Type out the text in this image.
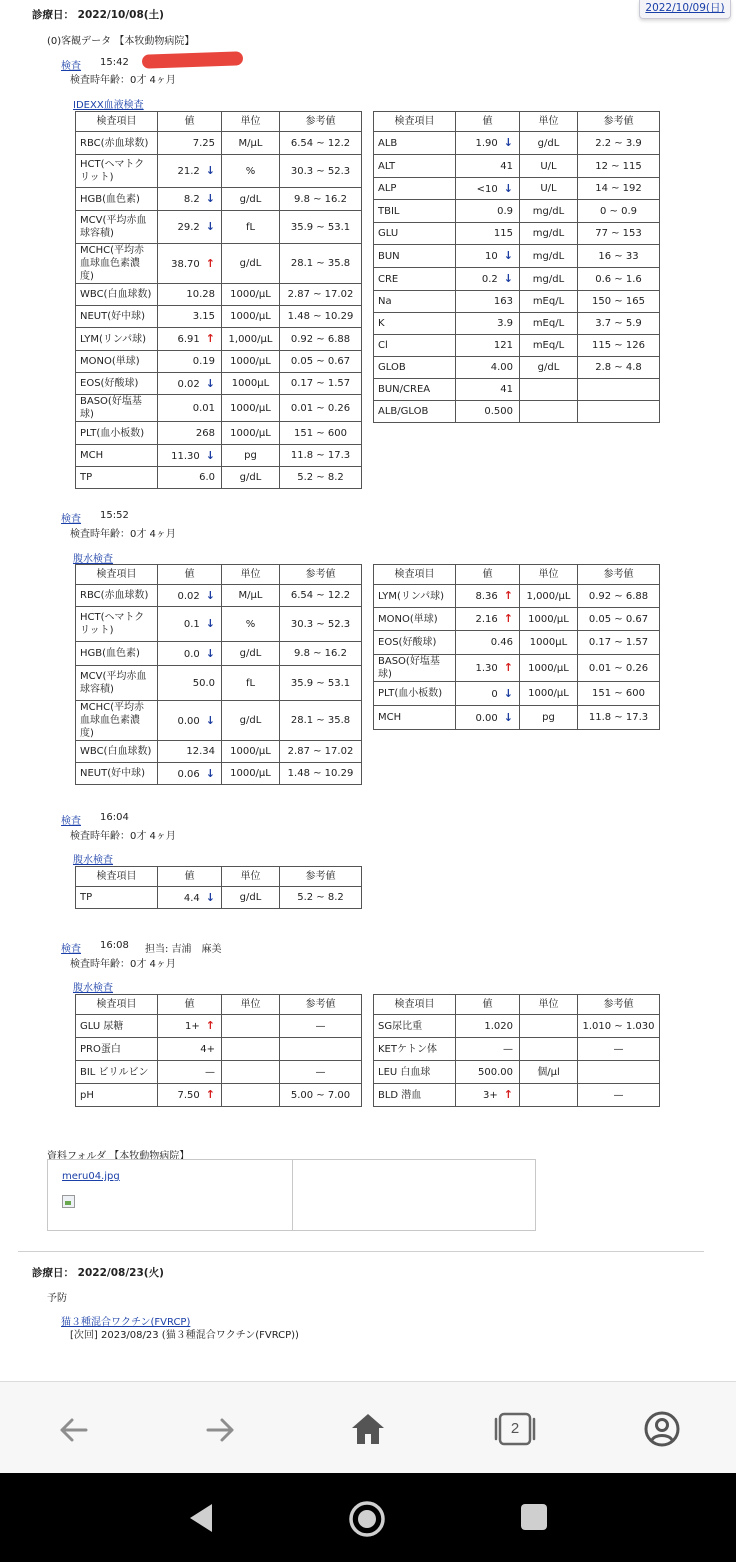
2022/10/09(日)
診療日： 2022/10/08(土)
(0)客観データ 【本牧動物病院】
検査 15:42
検査時年齢：0才 4ヶ月
IDEXX血液検査
検査項目	値	単位	参考値
RBC(赤血球数)	7.25	M/μL	6.54 ~ 12.2
HCT(ヘマトクリット)	21.2 ↓	%	30.3 ~ 52.3
HGB(血色素)	8.2 ↓	g/dL	9.8 ~ 16.2
MCV(平均赤血球容積)	29.2 ↓	fL	35.9 ~ 53.1
MCHC(平均赤血球血色素濃度)	38.70 ↑	g/dL	28.1 ~ 35.8
WBC(白血球数)	10.28	1000/μL	2.87 ~ 17.02
NEUT(好中球)	3.15	1000/μL	1.48 ~ 10.29
LYM(リンパ球)	6.91 ↑	1,000/μL	0.92 ~ 6.88
MONO(単球)	0.19	1000/μL	0.05 ~ 0.67
EOS(好酸球)	0.02 ↓	1000μL	0.17 ~ 1.57
BASO(好塩基球)	0.01	1000/μL	0.01 ~ 0.26
PLT(血小板数)	268	1000/μL	151 ~ 600
MCH	11.30 ↓	pg	11.8 ~ 17.3
TP	6.0	g/dL	5.2 ~ 8.2
検査項目	値	単位	参考値
ALB	1.90 ↓	g/dL	2.2 ~ 3.9
ALT	41	U/L	12 ~ 115
ALP	<10 ↓	U/L	14 ~ 192
TBIL	0.9	mg/dL	0 ~ 0.9
GLU	115	mg/dL	77 ~ 153
BUN	10 ↓	mg/dL	16 ~ 33
CRE	0.2 ↓	mg/dL	0.6 ~ 1.6
Na	163	mEq/L	150 ~ 165
K	3.9	mEq/L	3.7 ~ 5.9
Cl	121	mEq/L	115 ~ 126
GLOB	4.00	g/dL	2.8 ~ 4.8
BUN/CREA	41		
ALB/GLOB	0.500		
検査 15:52
検査時年齢：0才 4ヶ月
腹水検査
検査項目	値	単位	参考値
RBC(赤血球数)	0.02 ↓	M/μL	6.54 ~ 12.2
HCT(ヘマトクリット)	0.1 ↓	%	30.3 ~ 52.3
HGB(血色素)	0.0 ↓	g/dL	9.8 ~ 16.2
MCV(平均赤血球容積)	50.0	fL	35.9 ~ 53.1
MCHC(平均赤血球血色素濃度)	0.00 ↓	g/dL	28.1 ~ 35.8
WBC(白血球数)	12.34	1000/μL	2.87 ~ 17.02
NEUT(好中球)	0.06 ↓	1000/μL	1.48 ~ 10.29
検査項目	値	単位	参考値
LYM(リンパ球)	8.36 ↑	1,000/μL	0.92 ~ 6.88
MONO(単球)	2.16 ↑	1000/μL	0.05 ~ 0.67
EOS(好酸球)	0.46	1000μL	0.17 ~ 1.57
BASO(好塩基球)	1.30 ↑	1000/μL	0.01 ~ 0.26
PLT(血小板数)	0 ↓	1000/μL	151 ~ 600
MCH	0.00 ↓	pg	11.8 ~ 17.3
検査 16:04
検査時年齢：0才 4ヶ月
腹水検査
検査項目	値	単位	参考値
TP	4.4 ↓	g/dL	5.2 ~ 8.2
検査 16:08 担当: 吉浦　麻美
検査時年齢：0才 4ヶ月
腹水検査
検査項目	値	単位	参考値
GLU 尿糖	1+ ↑		—
PRO蛋白	4+		
BIL ビリルビン	—		—
pH	7.50 ↑		5.00 ~ 7.00
検査項目	値	単位	参考値
SG尿比重	1.020		1.010 ~ 1.030
KETケトン体	—		—
LEU 白血球	500.00	個/μl	
BLD 潜血	3+ ↑		—
資料フォルダ 【本牧動物病院】
meru04.jpg
診療日： 2022/08/23(火)
予防
猫３種混合ワクチン(FVRCP)
[次回] 2023/08/23 (猫３種混合ワクチン(FVRCP))
2
